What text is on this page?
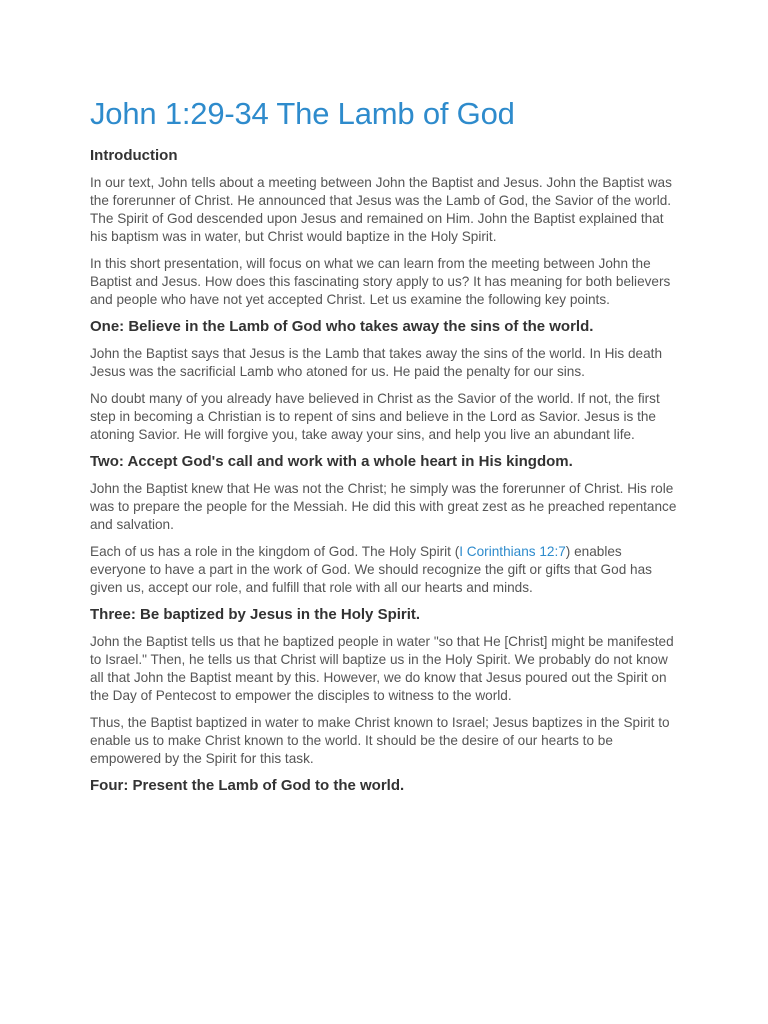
John 1:29-34 The Lamb of God
Introduction

In our text, John tells about a meeting between John the Baptist and Jesus. John the Baptist was the forerunner of Christ. He announced that Jesus was the Lamb of God, the Savior of the world. The Spirit of God descended upon Jesus and remained on Him. John the Baptist explained that his baptism was in water, but Christ would baptize in the Holy Spirit.

In this short presentation, will focus on what we can learn from the meeting between John the Baptist and Jesus. How does this fascinating story apply to us? It has meaning for both believers and people who have not yet accepted Christ. Let us examine the following key points.

One: Believe in the Lamb of God who takes away the sins of the world.

John the Baptist says that Jesus is the Lamb that takes away the sins of the world. In His death Jesus was the sacrificial Lamb who atoned for us. He paid the penalty for our sins.

No doubt many of you already have believed in Christ as the Savior of the world. If not, the first step in becoming a Christian is to repent of sins and believe in the Lord as Savior. Jesus is the atoning Savior. He will forgive you, take away your sins, and help you live an abundant life.

Two: Accept God's call and work with a whole heart in His kingdom.

John the Baptist knew that He was not the Christ; he simply was the forerunner of Christ. His role was to prepare the people for the Messiah. He did this with great zest as he preached repentance and salvation.

Each of us has a role in the kingdom of God. The Holy Spirit (I Corinthians 12:7) enables everyone to have a part in the work of God. We should recognize the gift or gifts that God has given us, accept our role, and fulfill that role with all our hearts and minds.

Three: Be baptized by Jesus in the Holy Spirit.

John the Baptist tells us that he baptized people in water "so that He [Christ] might be manifested to Israel." Then, he tells us that Christ will baptize us in the Holy Spirit. We probably do not know all that John the Baptist meant by this. However, we do know that Jesus poured out the Spirit on the Day of Pentecost to empower the disciples to witness to the world.

Thus, the Baptist baptized in water to make Christ known to Israel; Jesus baptizes in the Spirit to enable us to make Christ known to the world. It should be the desire of our hearts to be empowered by the Spirit for this task.

Four: Present the Lamb of God to the world.
